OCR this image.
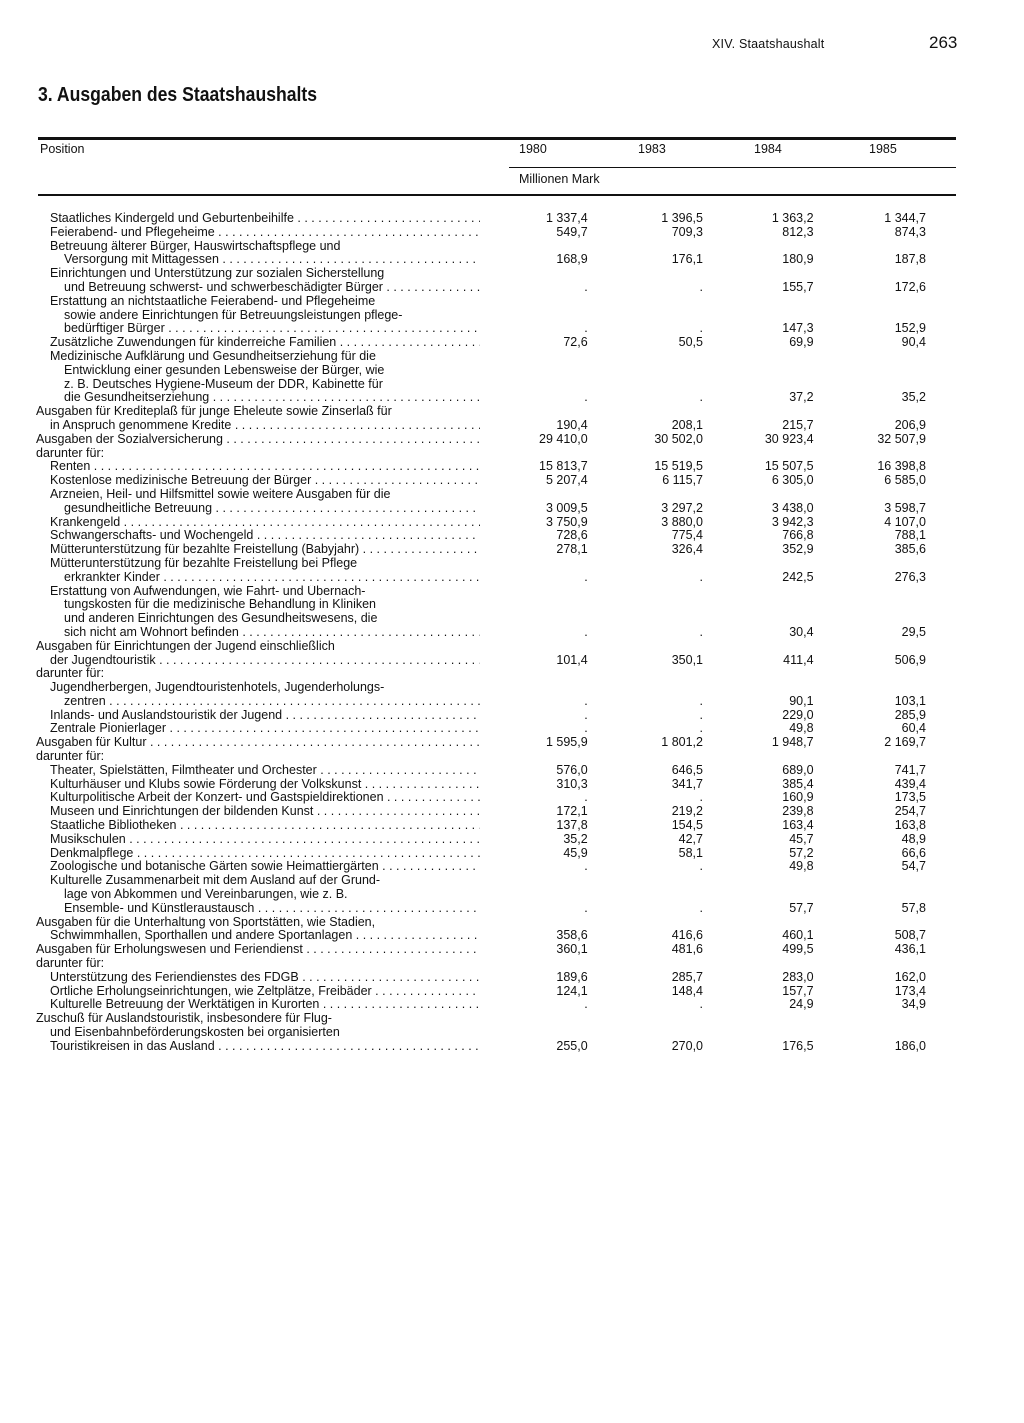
XIV. Staatshaushalt	263
3. Ausgaben des Staatshaushalts
Position	1980	1983	1984	1985
Millionen Mark
Staatliches Kindergeld und Geburtenbeihilfe . . .	1 337,4	1 396,5	1 363,2	1 344,7
Feierabend- und Pflegeheime . . .	549,7	709,3	812,3	874,3
Betreuung älterer Bürger, Hauswirtschaftspflege und
Versorgung mit Mittagessen . . .	168,9	176,1	180,9	187,8
Einrichtungen und Unterstützung zur sozialen Sicherstellung
und Betreuung schwerst- und schwerbeschädigter Bürger . . .	.	.	155,7	172,6
Erstattung an nichtstaatliche Feierabend- und Pflegeheime
sowie andere Einrichtungen für Betreuungsleistungen pflege-
bedürftiger Bürger . . .	.	.	147,3	152,9
Zusätzliche Zuwendungen für kinderreiche Familien . . .	72,6	50,5	69,9	90,4
Medizinische Aufklärung und Gesundheitserziehung für die
Entwicklung einer gesunden Lebensweise der Bürger, wie
z. B. Deutsches Hygiene-Museum der DDR, Kabinette für
die Gesundheitserziehung . . .	.	.	37,2	35,2
Ausgaben für Kreditерlaß für junge Eheleute sowie Zinserlaß für
in Anspruch genommene Kredite . . .	190,4	208,1	215,7	206,9
Ausgaben der Sozialversicherung . . .	29 410,0	30 502,0	30 923,4	32 507,9
darunter für:
Renten . . .	15 813,7	15 519,5	15 507,5	16 398,8
Kostenlose medizinische Betreuung der Bürger . . .	5 207,4	6 115,7	6 305,0	6 585,0
Arzneien, Heil- und Hilfsmittel sowie weitere Ausgaben für die
gesundheitliche Betreuung . . .	3 009,5	3 297,2	3 438,0	3 598,7
Krankengeld . . .	3 750,9	3 880,0	3 942,3	4 107,0
Schwangerschafts- und Wochengeld . . .	728,6	775,4	766,8	788,1
Mütterunterstützung für bezahlte Freistellung (Babyjahr) . . .	278,1	326,4	352,9	385,6
Mütterunterstützung für bezahlte Freistellung bei Pflege
erkrankter Kinder . . .	.	.	242,5	276,3
Erstattung von Aufwendungen, wie Fahrt- und Übernach-
tungskosten für die medizinische Behandlung in Kliniken
und anderen Einrichtungen des Gesundheitswesens, die
sich nicht am Wohnort befinden . . .	.	.	30,4	29,5
Ausgaben für Einrichtungen der Jugend einschließlich
der Jugendtouristik . . .	101,4	350,1	411,4	506,9
darunter für:
Jugendherbergen, Jugendtouristenhotels, Jugenderholungs-
zentren . . .	.	.	90,1	103,1
Inlands- und Auslandstouristik der Jugend . . .	.	.	229,0	285,9
Zentrale Pionierlager . . .	.	.	49,8	60,4
Ausgaben für Kultur . . .	1 595,9	1 801,2	1 948,7	2 169,7
darunter für:
Theater, Spielstätten, Filmtheater und Orchester . . .	576,0	646,5	689,0	741,7
Kulturhäuser und Klubs sowie Förderung der Volkskunst . . .	310,3	341,7	385,4	439,4
Kulturpolitische Arbeit der Konzert- und Gastspieldirektionen . . .	.	.	160,9	173,5
Museen und Einrichtungen der bildenden Kunst . . .	172,1	219,2	239,8	254,7
Staatliche Bibliotheken . . .	137,8	154,5	163,4	163,8
Musikschulen . . .	35,2	42,7	45,7	48,9
Denkmalpflege . . .	45,9	58,1	57,2	66,6
Zoologische und botanische Gärten sowie Heimattiergärten . . .	.	.	49,8	54,7
Kulturelle Zusammenarbeit mit dem Ausland auf der Grund-
lage von Abkommen und Vereinbarungen, wie z. B.
Ensemble- und Künstleraustausch . . .	.	.	57,7	57,8
Ausgaben für die Unterhaltung von Sportstätten, wie Stadien,
Schwimmhallen, Sporthallen und andere Sportanlagen . . .	358,6	416,6	460,1	508,7
Ausgaben für Erholungswesen und Feriendienst . . .	360,1	481,6	499,5	436,1
darunter für:
Unterstützung des Feriendienstes des FDGB . . .	189,6	285,7	283,0	162,0
Örtliche Erholungseinrichtungen, wie Zeltplätze, Freibäder . . .	124,1	148,4	157,7	173,4
Kulturelle Betreuung der Werktätigen in Kurorten . . .	.	.	24,9	34,9
Zuschuß für Auslandstouristik, insbesondere für Flug-
und Eisenbahnbeförderungskosten bei organisierten
Touristikreisen in das Ausland . . .	255,0	270,0	176,5	186,0
